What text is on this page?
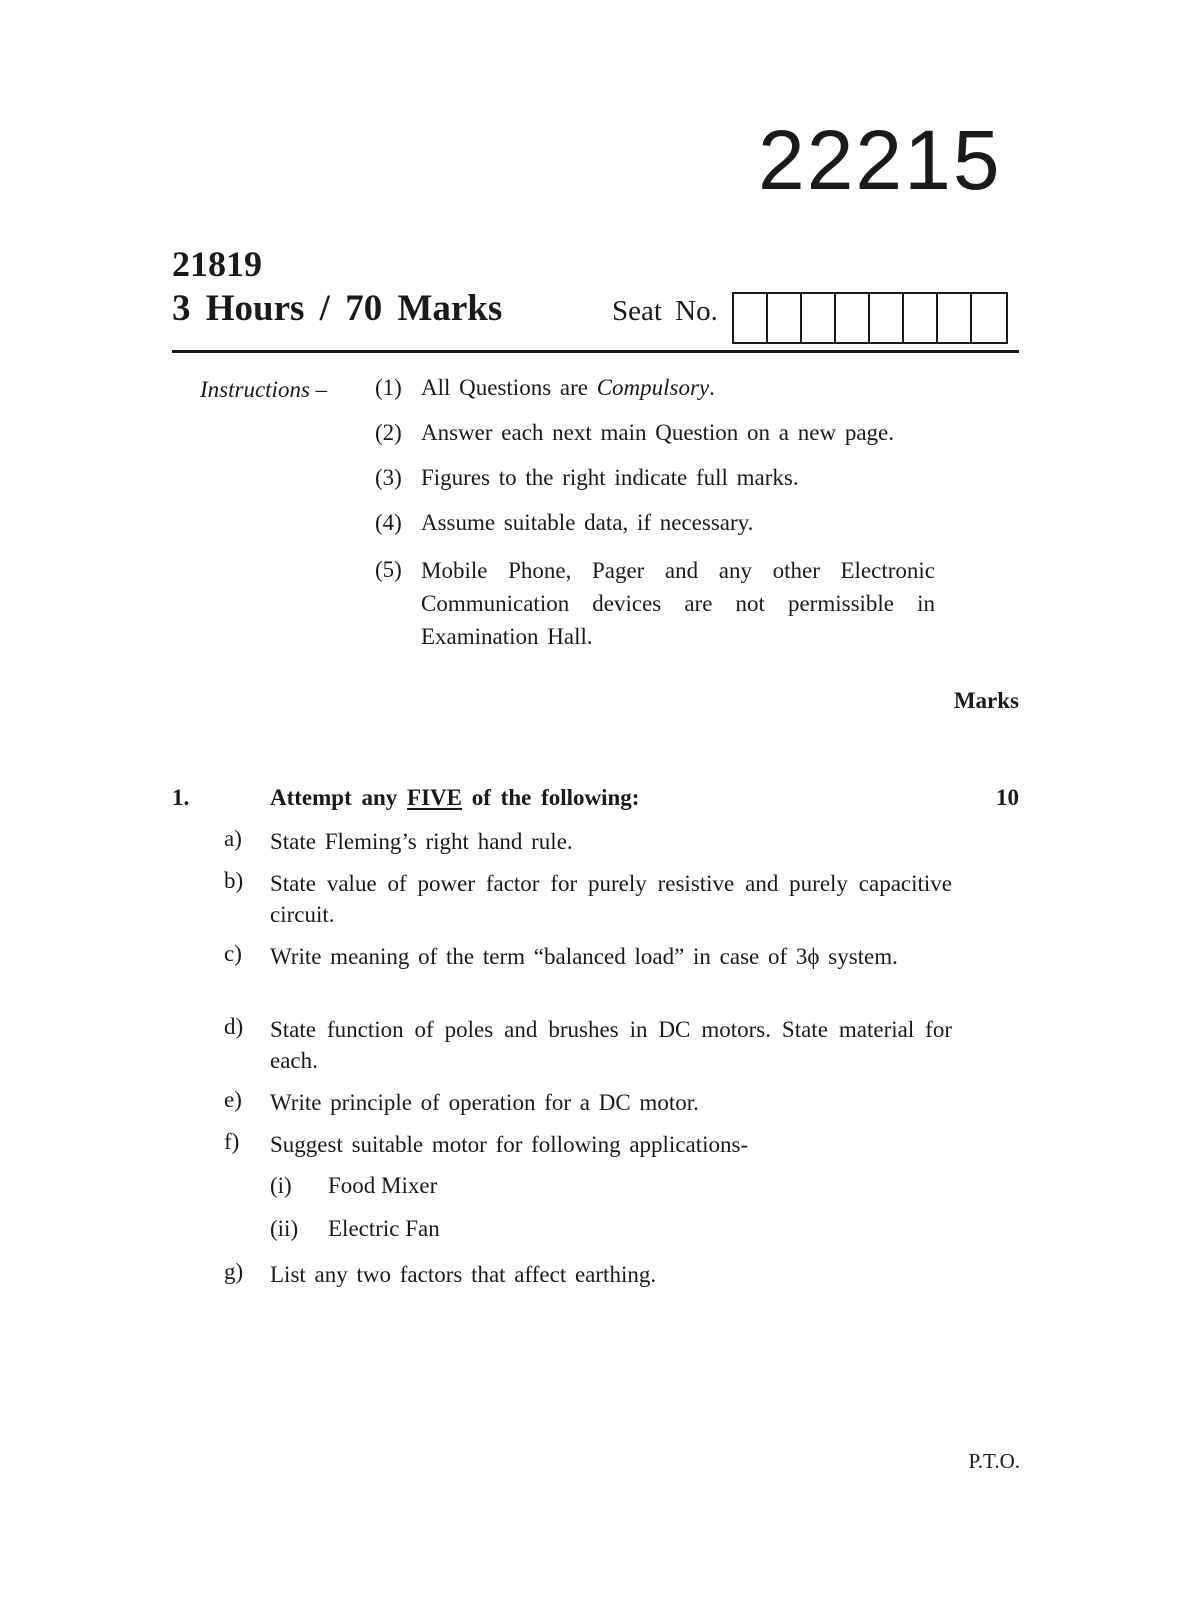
22215
21819
3 Hours / 70 Marks	Seat No.
Instructions – (1) All Questions are Compulsory.
(2) Answer each next main Question on a new page.
(3) Figures to the right indicate full marks.
(4) Assume suitable data, if necessary.
(5) Mobile Phone, Pager and any other Electronic Communication devices are not permissible in Examination Hall.
Marks
1.	Attempt any FIVE of the following:	10
a)	State Fleming’s right hand rule.
b)	State value of power factor for purely resistive and purely capacitive circuit.
c)	Write meaning of the term “balanced load” in case of 3ϕ system.
d)	State function of poles and brushes in DC motors. State material for each.
e)	Write principle of operation for a DC motor.
f)	Suggest suitable motor for following applications-
(i)	Food Mixer
(ii)	Electric Fan
g)	List any two factors that affect earthing.
P.T.O.
